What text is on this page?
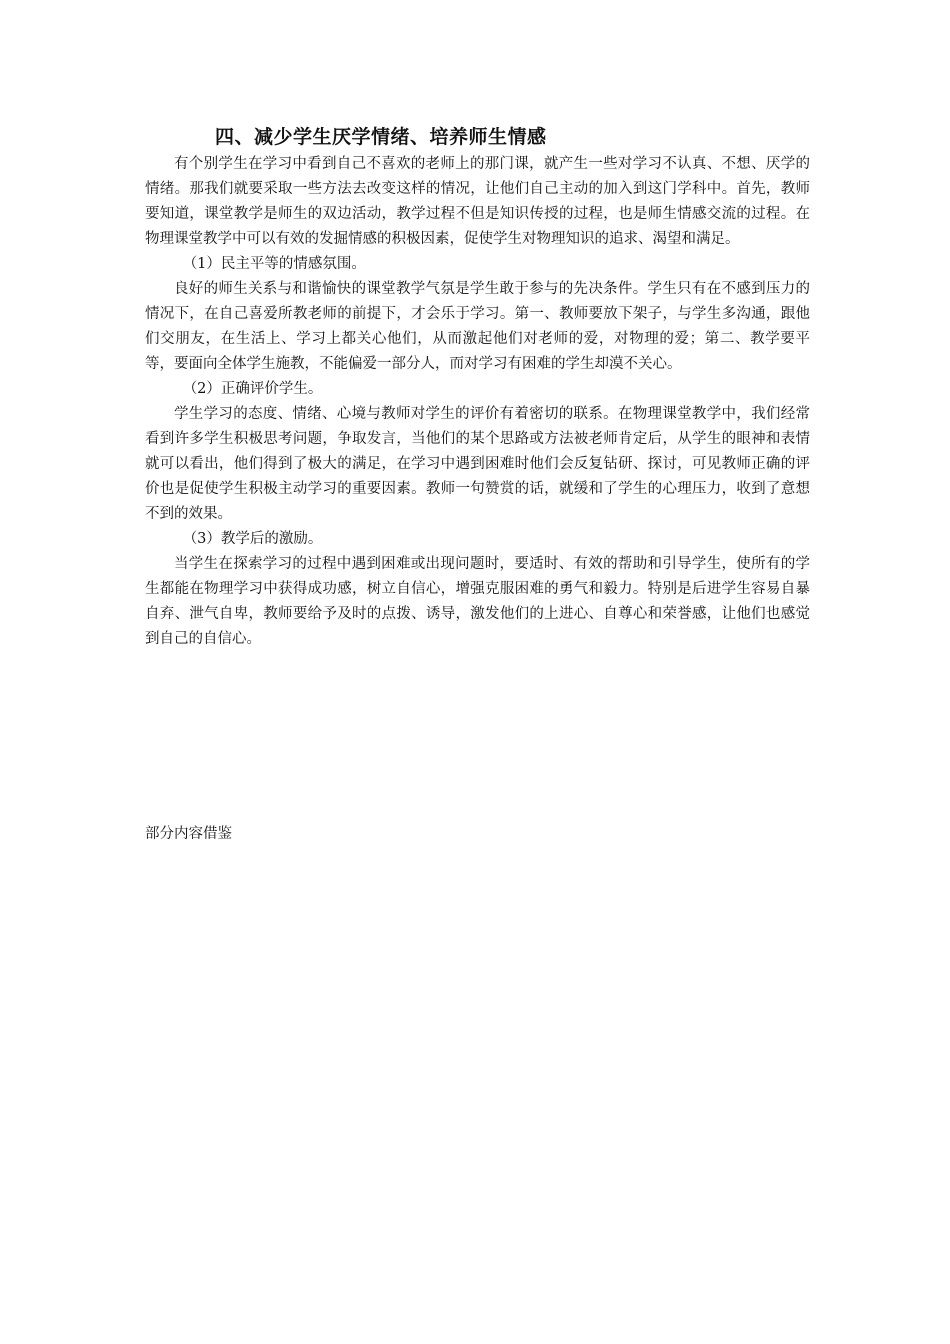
四、减少学生厌学情绪、培养师生情感

有个别学生在学习中看到自己不喜欢的老师上的那门课，就产生一些对学习不认真、不想、厌学的情绪。那我们就要采取一些方法去改变这样的情况，让他们自己主动的加入到这门学科中。首先，教师要知道，课堂教学是师生的双边活动，教学过程不但是知识传授的过程，也是师生情感交流的过程。在物理课堂教学中可以有效的发掘情感的积极因素，促使学生对物理知识的追求、渴望和满足。

（1）民主平等的情感氛围。

良好的师生关系与和谐愉快的课堂教学气氛是学生敢于参与的先决条件。学生只有在不感到压力的情况下，在自己喜爱所教老师的前提下，才会乐于学习。第一、教师要放下架子，与学生多沟通，跟他们交朋友，在生活上、学习上都关心他们，从而激起他们对老师的爱，对物理的爱；第二、教学要平等，要面向全体学生施教，不能偏爱一部分人，而对学习有困难的学生却漠不关心。

（2）正确评价学生。

学生学习的态度、情绪、心境与教师对学生的评价有着密切的联系。在物理课堂教学中，我们经常看到许多学生积极思考问题，争取发言，当他们的某个思路或方法被老师肯定后，从学生的眼神和表情就可以看出，他们得到了极大的满足，在学习中遇到困难时他们会反复钻研、探讨，可见教师正确的评价也是促使学生积极主动学习的重要因素。教师一句赞赏的话，就缓和了学生的心理压力，收到了意想不到的效果。

（3）教学后的激励。

当学生在探索学习的过程中遇到困难或出现问题时，要适时、有效的帮助和引导学生，使所有的学生都能在物理学习中获得成功感，树立自信心，增强克服困难的勇气和毅力。特别是后进学生容易自暴自弃、泄气自卑，教师要给予及时的点拨、诱导，激发他们的上进心、自尊心和荣誉感，让他们也感觉到自己的自信心。

部分内容借鉴
